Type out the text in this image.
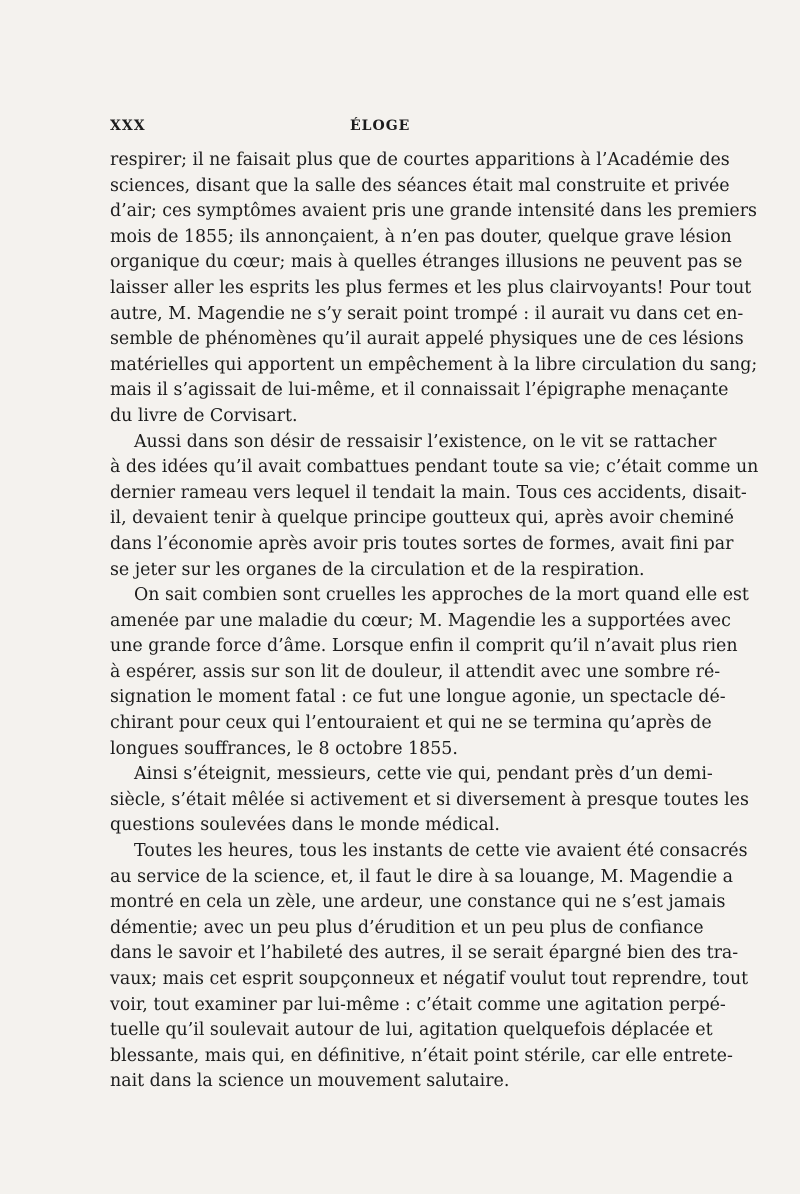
XXX	ÉLOGE
respirer; il ne faisait plus que de courtes apparitions à l’Académie des
sciences, disant que la salle des séances était mal construite et privée
d’air; ces symptômes avaient pris une grande intensité dans les premiers
mois de 1855; ils annonçaient, à n’en pas douter, quelque grave lésion
organique du cœur; mais à quelles étranges illusions ne peuvent pas se
laisser aller les esprits les plus fermes et les plus clairvoyants! Pour tout
autre, M. Magendie ne s’y serait point trompé : il aurait vu dans cet en-
semble de phénomènes qu’il aurait appelé physiques une de ces lésions
matérielles qui apportent un empêchement à la libre circulation du sang;
mais il s’agissait de lui-même, et il connaissait l’épigraphe menaçante
du livre de Corvisart.
Aussi dans son désir de ressaisir l’existence, on le vit se rattacher
à des idées qu’il avait combattues pendant toute sa vie; c’était comme un
dernier rameau vers lequel il tendait la main. Tous ces accidents, disait-
il, devaient tenir à quelque principe goutteux qui, après avoir cheminé
dans l’économie après avoir pris toutes sortes de formes, avait fini par
se jeter sur les organes de la circulation et de la respiration.
On sait combien sont cruelles les approches de la mort quand elle est
amenée par une maladie du cœur; M. Magendie les a supportées avec
une grande force d’âme. Lorsque enfin il comprit qu’il n’avait plus rien
à espérer, assis sur son lit de douleur, il attendit avec une sombre ré-
signation le moment fatal : ce fut une longue agonie, un spectacle dé-
chirant pour ceux qui l’entouraient et qui ne se termina qu’après de
longues souffrances, le 8 octobre 1855.
Ainsi s’éteignit, messieurs, cette vie qui, pendant près d’un demi-
siècle, s’était mêlée si activement et si diversement à presque toutes les
questions soulevées dans le monde médical.
Toutes les heures, tous les instants de cette vie avaient été consacrés
au service de la science, et, il faut le dire à sa louange, M. Magendie a
montré en cela un zèle, une ardeur, une constance qui ne s’est jamais
démentie; avec un peu plus d’érudition et un peu plus de confiance
dans le savoir et l’habileté des autres, il se serait épargné bien des tra-
vaux; mais cet esprit soupçonneux et négatif voulut tout reprendre, tout
voir, tout examiner par lui-même : c’était comme une agitation perpé-
tuelle qu’il soulevait autour de lui, agitation quelquefois déplacée et
blessante, mais qui, en définitive, n’était point stérile, car elle entrete-
nait dans la science un mouvement salutaire.
